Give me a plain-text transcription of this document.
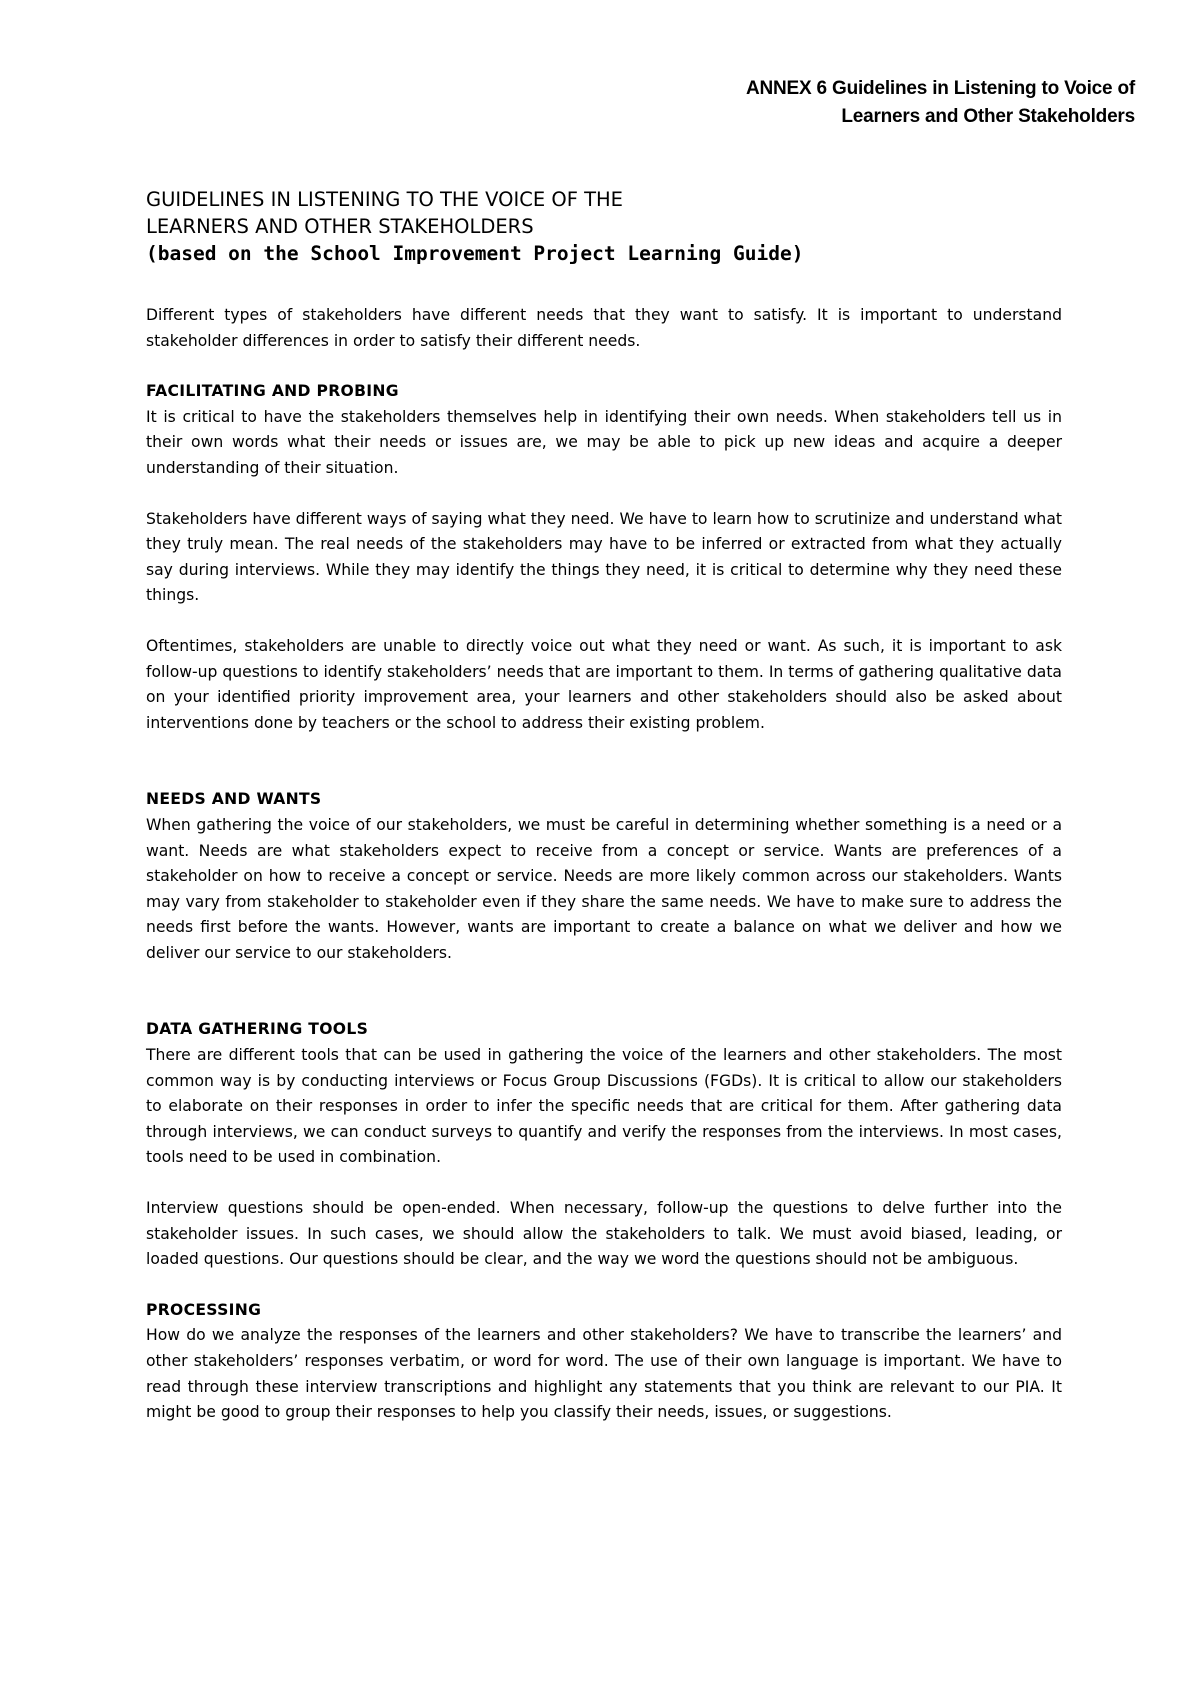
ANNEX 6 Guidelines in Listening to Voice of
Learners and Other Stakeholders
GUIDELINES IN LISTENING TO THE VOICE OF THE
LEARNERS AND OTHER STAKEHOLDERS
(based on the School Improvement Project Learning Guide)

Different types of stakeholders have different needs that they want to satisfy. It is important to understand stakeholder differences in order to satisfy their different needs.

FACILITATING AND PROBING

It is critical to have the stakeholders themselves help in identifying their own needs. When stakeholders tell us in their own words what their needs or issues are, we may be able to pick up new ideas and acquire a deeper understanding of their situation.

Stakeholders have different ways of saying what they need. We have to learn how to scrutinize and understand what they truly mean. The real needs of the stakeholders may have to be inferred or extracted from what they actually say during interviews. While they may identify the things they need, it is critical to determine why they need these things.

Oftentimes, stakeholders are unable to directly voice out what they need or want. As such, it is important to ask follow-up questions to identify stakeholders’ needs that are important to them. In terms of gathering qualitative data on your identified priority improvement area, your learners and other stakeholders should also be asked about interventions done by teachers or the school to address their existing problem.

NEEDS AND WANTS

When gathering the voice of our stakeholders, we must be careful in determining whether something is a need or a want. Needs are what stakeholders expect to receive from a concept or service. Wants are preferences of a stakeholder on how to receive a concept or service. Needs are more likely common across our stakeholders. Wants may vary from stakeholder to stakeholder even if they share the same needs. We have to make sure to address the needs first before the wants. However, wants are important to create a balance on what we deliver and how we deliver our service to our stakeholders.

DATA GATHERING TOOLS

There are different tools that can be used in gathering the voice of the learners and other stakeholders. The most common way is by conducting interviews or Focus Group Discussions (FGDs). It is critical to allow our stakeholders to elaborate on their responses in order to infer the specific needs that are critical for them. After gathering data through interviews, we can conduct surveys to quantify and verify the responses from the interviews. In most cases, tools need to be used in combination.

Interview questions should be open-ended. When necessary, follow-up the questions to delve further into the stakeholder issues. In such cases, we should allow the stakeholders to talk. We must avoid biased, leading, or loaded questions. Our questions should be clear, and the way we word the questions should not be ambiguous.

PROCESSING

How do we analyze the responses of the learners and other stakeholders? We have to transcribe the learners’ and other stakeholders’ responses verbatim, or word for word. The use of their own language is important. We have to read through these interview transcriptions and highlight any statements that you think are relevant to our PIA. It might be good to group their responses to help you classify their needs, issues, or suggestions.
